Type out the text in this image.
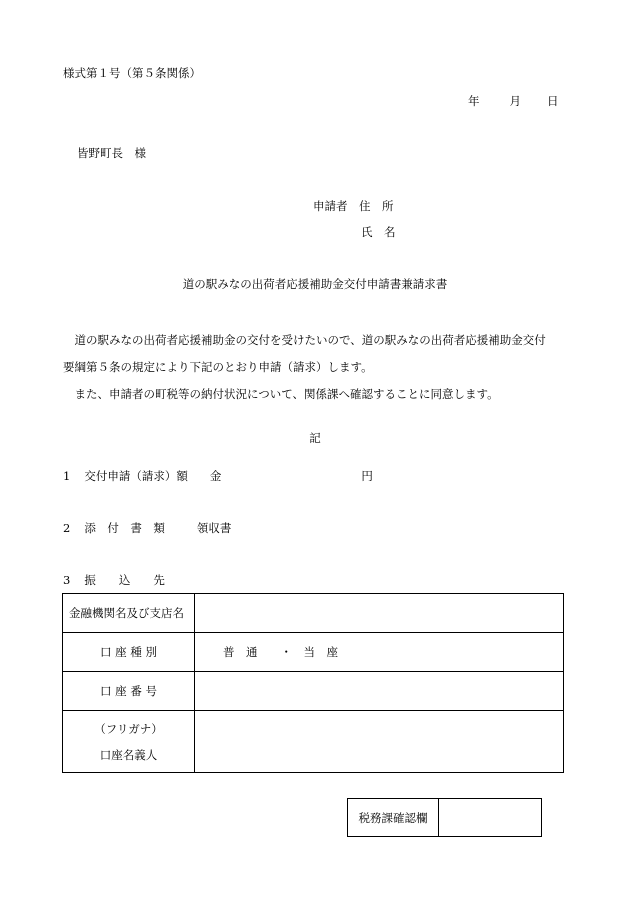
様式第１号（第５条関係）
年	月 日
皆野町長　様
申請者　住　所
氏　名
道の駅みなの出荷者応援補助金交付申請書兼請求書

道の駅みなの出荷者応援補助金の交付を受けたいので、道の駅みなの出荷者応援補助金交付

要綱第５条の規定により下記のとおり申請（請求）します。

また、申請者の町税等の納付状況について、関係課へ確認することに同意します。

記
1 交付申請（請求）額 金	円
2 添　付　書　類	領収書
3 振　　込　　先
金融機関名及び支店名	
口 座 種 別	普　通　　・　当　座
口 座 番 号	

（フリガナ）
口座名義人	

税務課確認欄	
